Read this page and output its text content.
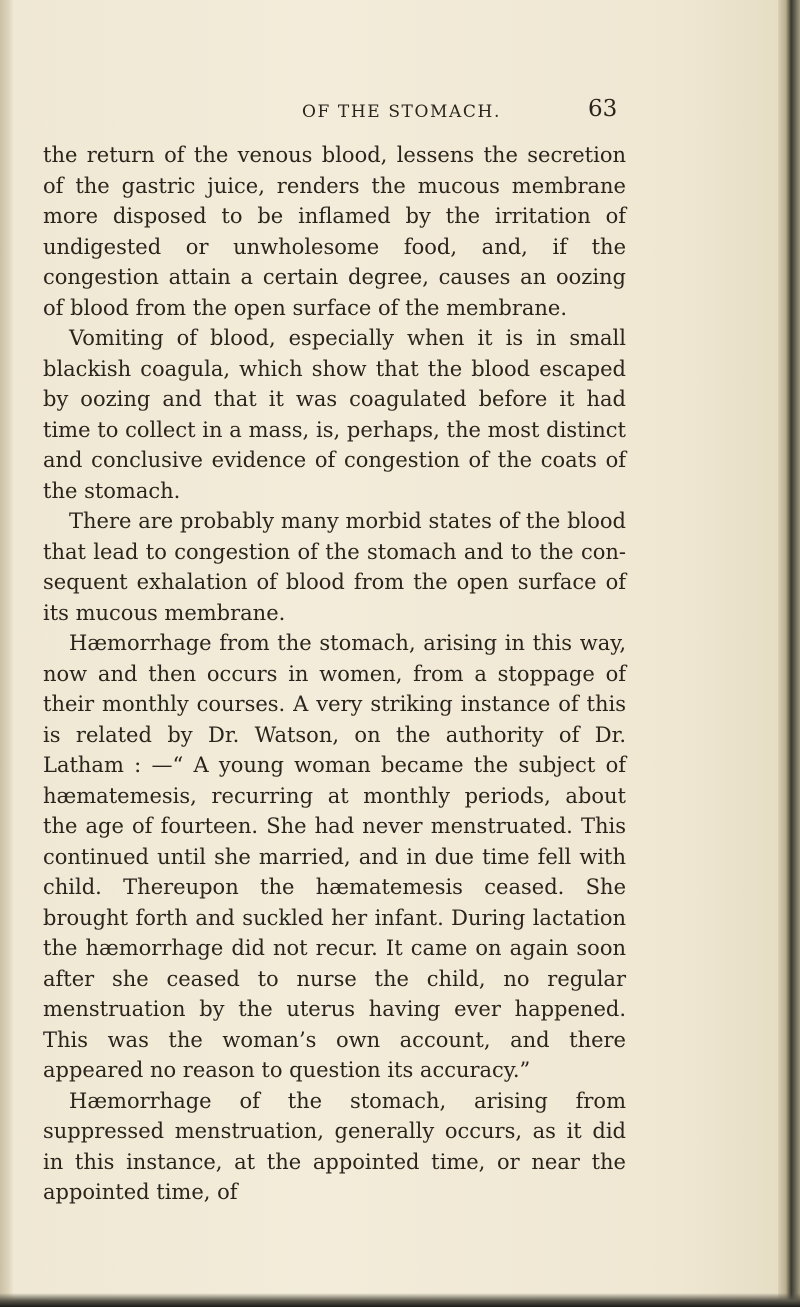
OF THE STOMACH.	63

the return of the venous blood, lessens the secretion of the gastric juice, renders the mucous membrane more disposed to be inflamed by the irritation of undigested or unwholesome food, and, if the congestion attain a certain degree, causes an oozing of blood from the open surface of the membrane.

Vomiting of blood, especially when it is in small blackish coagula, which show that the blood escaped by oozing and that it was coagulated before it had time to collect in a mass, is, perhaps, the most distinct and conclusive evidence of congestion of the coats of the stomach.

There are probably many morbid states of the blood that lead to congestion of the stomach and to the con-sequent exhalation of blood from the open surface of its mucous membrane.

Hæmorrhage from the stomach, arising in this way, now and then occurs in women, from a stoppage of their monthly courses. A very striking instance of this is related by Dr. Watson, on the authority of Dr. Latham : —“ A young woman became the subject of hæmatemesis, recurring at monthly periods, about the age of fourteen. She had never menstruated. This continued until she married, and in due time fell with child. Thereupon the hæmatemesis ceased. She brought forth and suckled her infant. During lactation the hæmorrhage did not recur. It came on again soon after she ceased to nurse the child, no regular menstruation by the uterus having ever happened. This was the woman’s own account, and there appeared no reason to question its accuracy.”

Hæmorrhage of the stomach, arising from suppressed menstruation, generally occurs, as it did in this instance, at the appointed time, or near the appointed time, of
